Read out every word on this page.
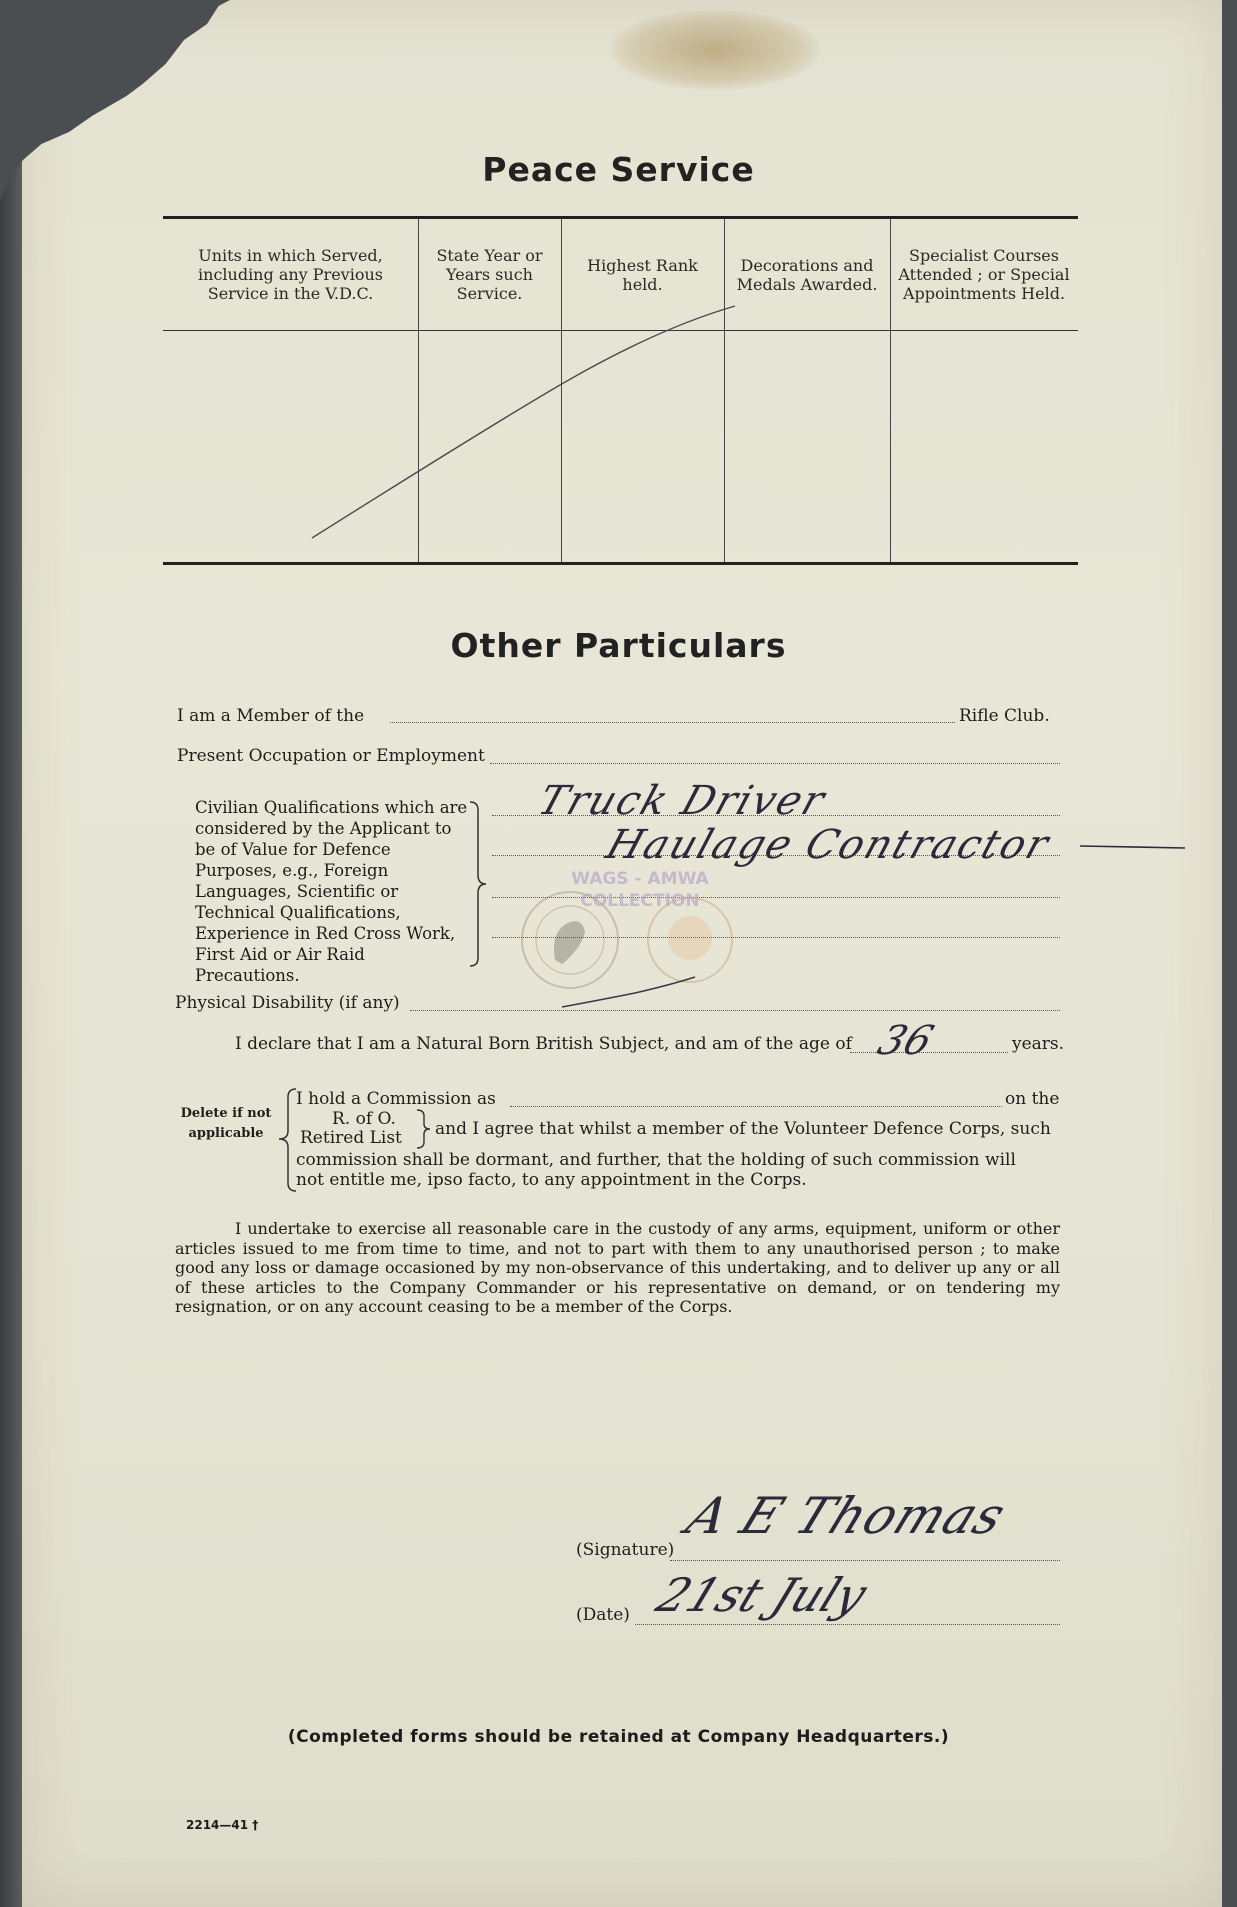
Peace Service
Units in which Served, including any Previous Service in the V.D.C.
State Year or Years such Service.
Highest Rank held.
Decorations and Medals Awarded.
Specialist Courses Attended ; or Special Appointments Held.
Other Particulars
I am a Member of the	Rifle Club.
Present Occupation or Employment
Civilian Qualifications which are considered by the Applicant to be of Value for Defence Purposes, e.g., Foreign Languages, Scientific or Technical Qualifications, Experience in Red Cross Work, First Aid or Air Raid Precautions.
Truck Driver
Haulage Contractor
WAGS - AMWA COLLECTION
Physical Disability (if any)
I declare that I am a Natural Born British Subject, and am of the age of 36	years.
Delete if not applicable
I hold a Commission as	on the
R. of O.
Retired List and I agree that whilst a member of the Volunteer Defence Corps, such
commission shall be dormant, and further, that the holding of such commission will
not entitle me, ipso facto, to any appointment in the Corps.
I undertake to exercise all reasonable care in the custody of any arms, equipment, uniform or other articles issued to me from time to time, and not to part with them to any unauthorised person ; to make good any loss or damage occasioned by my non-observance of this undertaking, and to deliver up any or all of these articles to the Company Commander or his representative on demand, or on tendering my resignation, or on any account ceasing to be a member of the Corps.
(Signature)
A E Thomas
(Date) 21st July
(Completed forms should be retained at Company Headquarters.)
2214—41 †
